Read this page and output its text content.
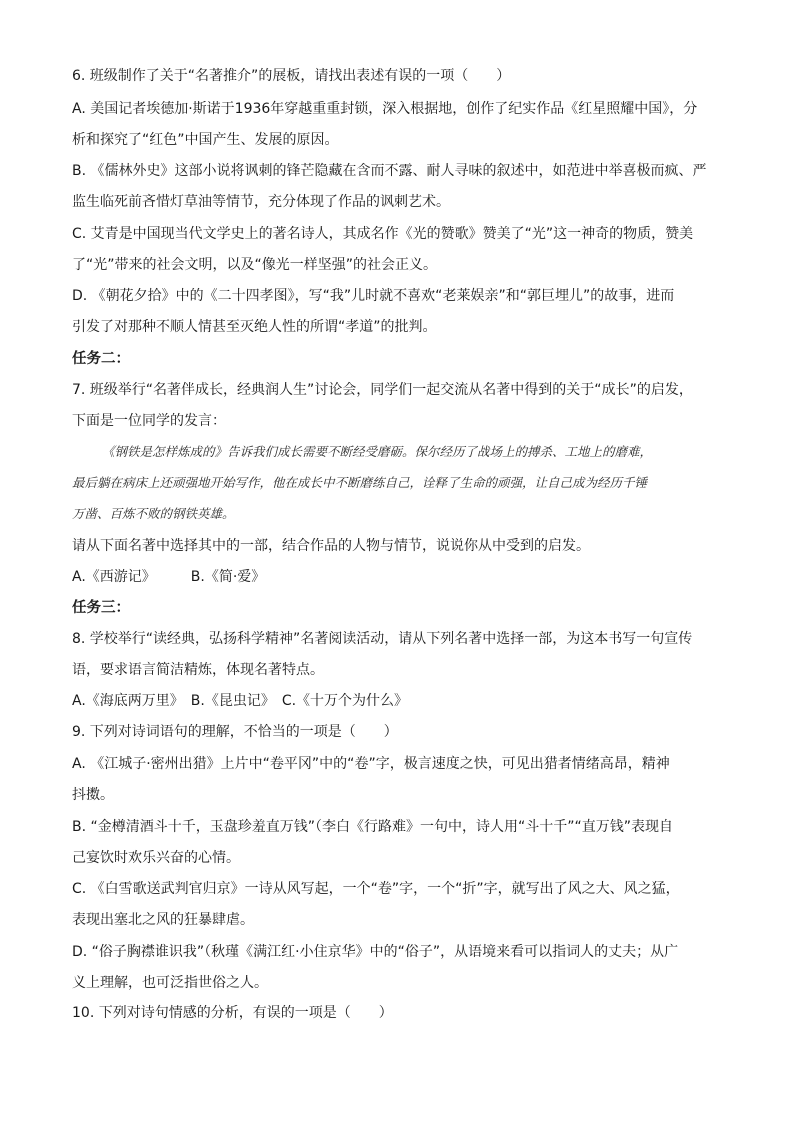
6. 班级制作了关于“名著推介”的展板，请找出表述有误的一项（　　）
A. 美国记者埃德加·斯诺于1936年穿越重重封锁，深入根据地，创作了纪实作品《红星照耀中国》，分
析和探究了“红色”中国产生、发展的原因。
B. 《儒林外史》这部小说将讽刺的锋芒隐藏在含而不露、耐人寻味的叙述中，如范进中举喜极而疯、严
监生临死前吝惜灯草油等情节，充分体现了作品的讽刺艺术。
C. 艾青是中国现当代文学史上的著名诗人，其成名作《光的赞歌》赞美了“光”这一神奇的物质，赞美
了“光”带来的社会文明，以及“像光一样坚强”的社会正义。
D. 《朝花夕拾》中的《二十四孝图》，写“我”儿时就不喜欢“老莱娱亲”和“郭巨埋儿”的故事，进而
引发了对那种不顺人情甚至灭绝人性的所谓“孝道”的批判。
任务二：
7. 班级举行“名著伴成长，经典润人生”讨论会，同学们一起交流从名著中得到的关于“成长”的启发，
下面是一位同学的发言：
《钢铁是怎样炼成的》告诉我们成长需要不断经受磨砺。保尔经历了战场上的搏杀、工地上的磨难，
最后躺在病床上还顽强地开始写作，他在成长中不断磨练自己，诠释了生命的顽强，让自己成为经历千锤
万凿、百炼不败的钢铁英雄。
请从下面名著中选择其中的一部，结合作品的人物与情节，说说你从中受到的启发。
A.《西游记》　　　B.《简·爱》
任务三：
8. 学校举行“读经典，弘扬科学精神”名著阅读活动，请从下列名著中选择一部，为这本书写一句宣传
语，要求语言简洁精炼，体现名著特点。
A.《海底两万里》　B.《昆虫记》　C.《十万个为什么》
9. 下列对诗词语句的理解，不恰当的一项是（　　）
A. 《江城子·密州出猎》上片中“卷平冈”中的“卷”字，极言速度之快，可见出猎者情绪高昂，精神
抖擞。
B. “金樽清酒斗十千，玉盘珍羞直万钱”（李白《行路难》一句中，诗人用“斗十千”“直万钱”表现自
己宴饮时欢乐兴奋的心情。
C. 《白雪歌送武判官归京》一诗从风写起，一个“卷”字，一个“折”字，就写出了风之大、风之猛，
表现出塞北之风的狂暴肆虐。
D. “俗子胸襟谁识我”（秋瑾《满江红·小住京华》中的“俗子”，从语境来看可以指词人的丈夫；从广
义上理解，也可泛指世俗之人。
10. 下列对诗句情感的分析，有误的一项是（　　）
